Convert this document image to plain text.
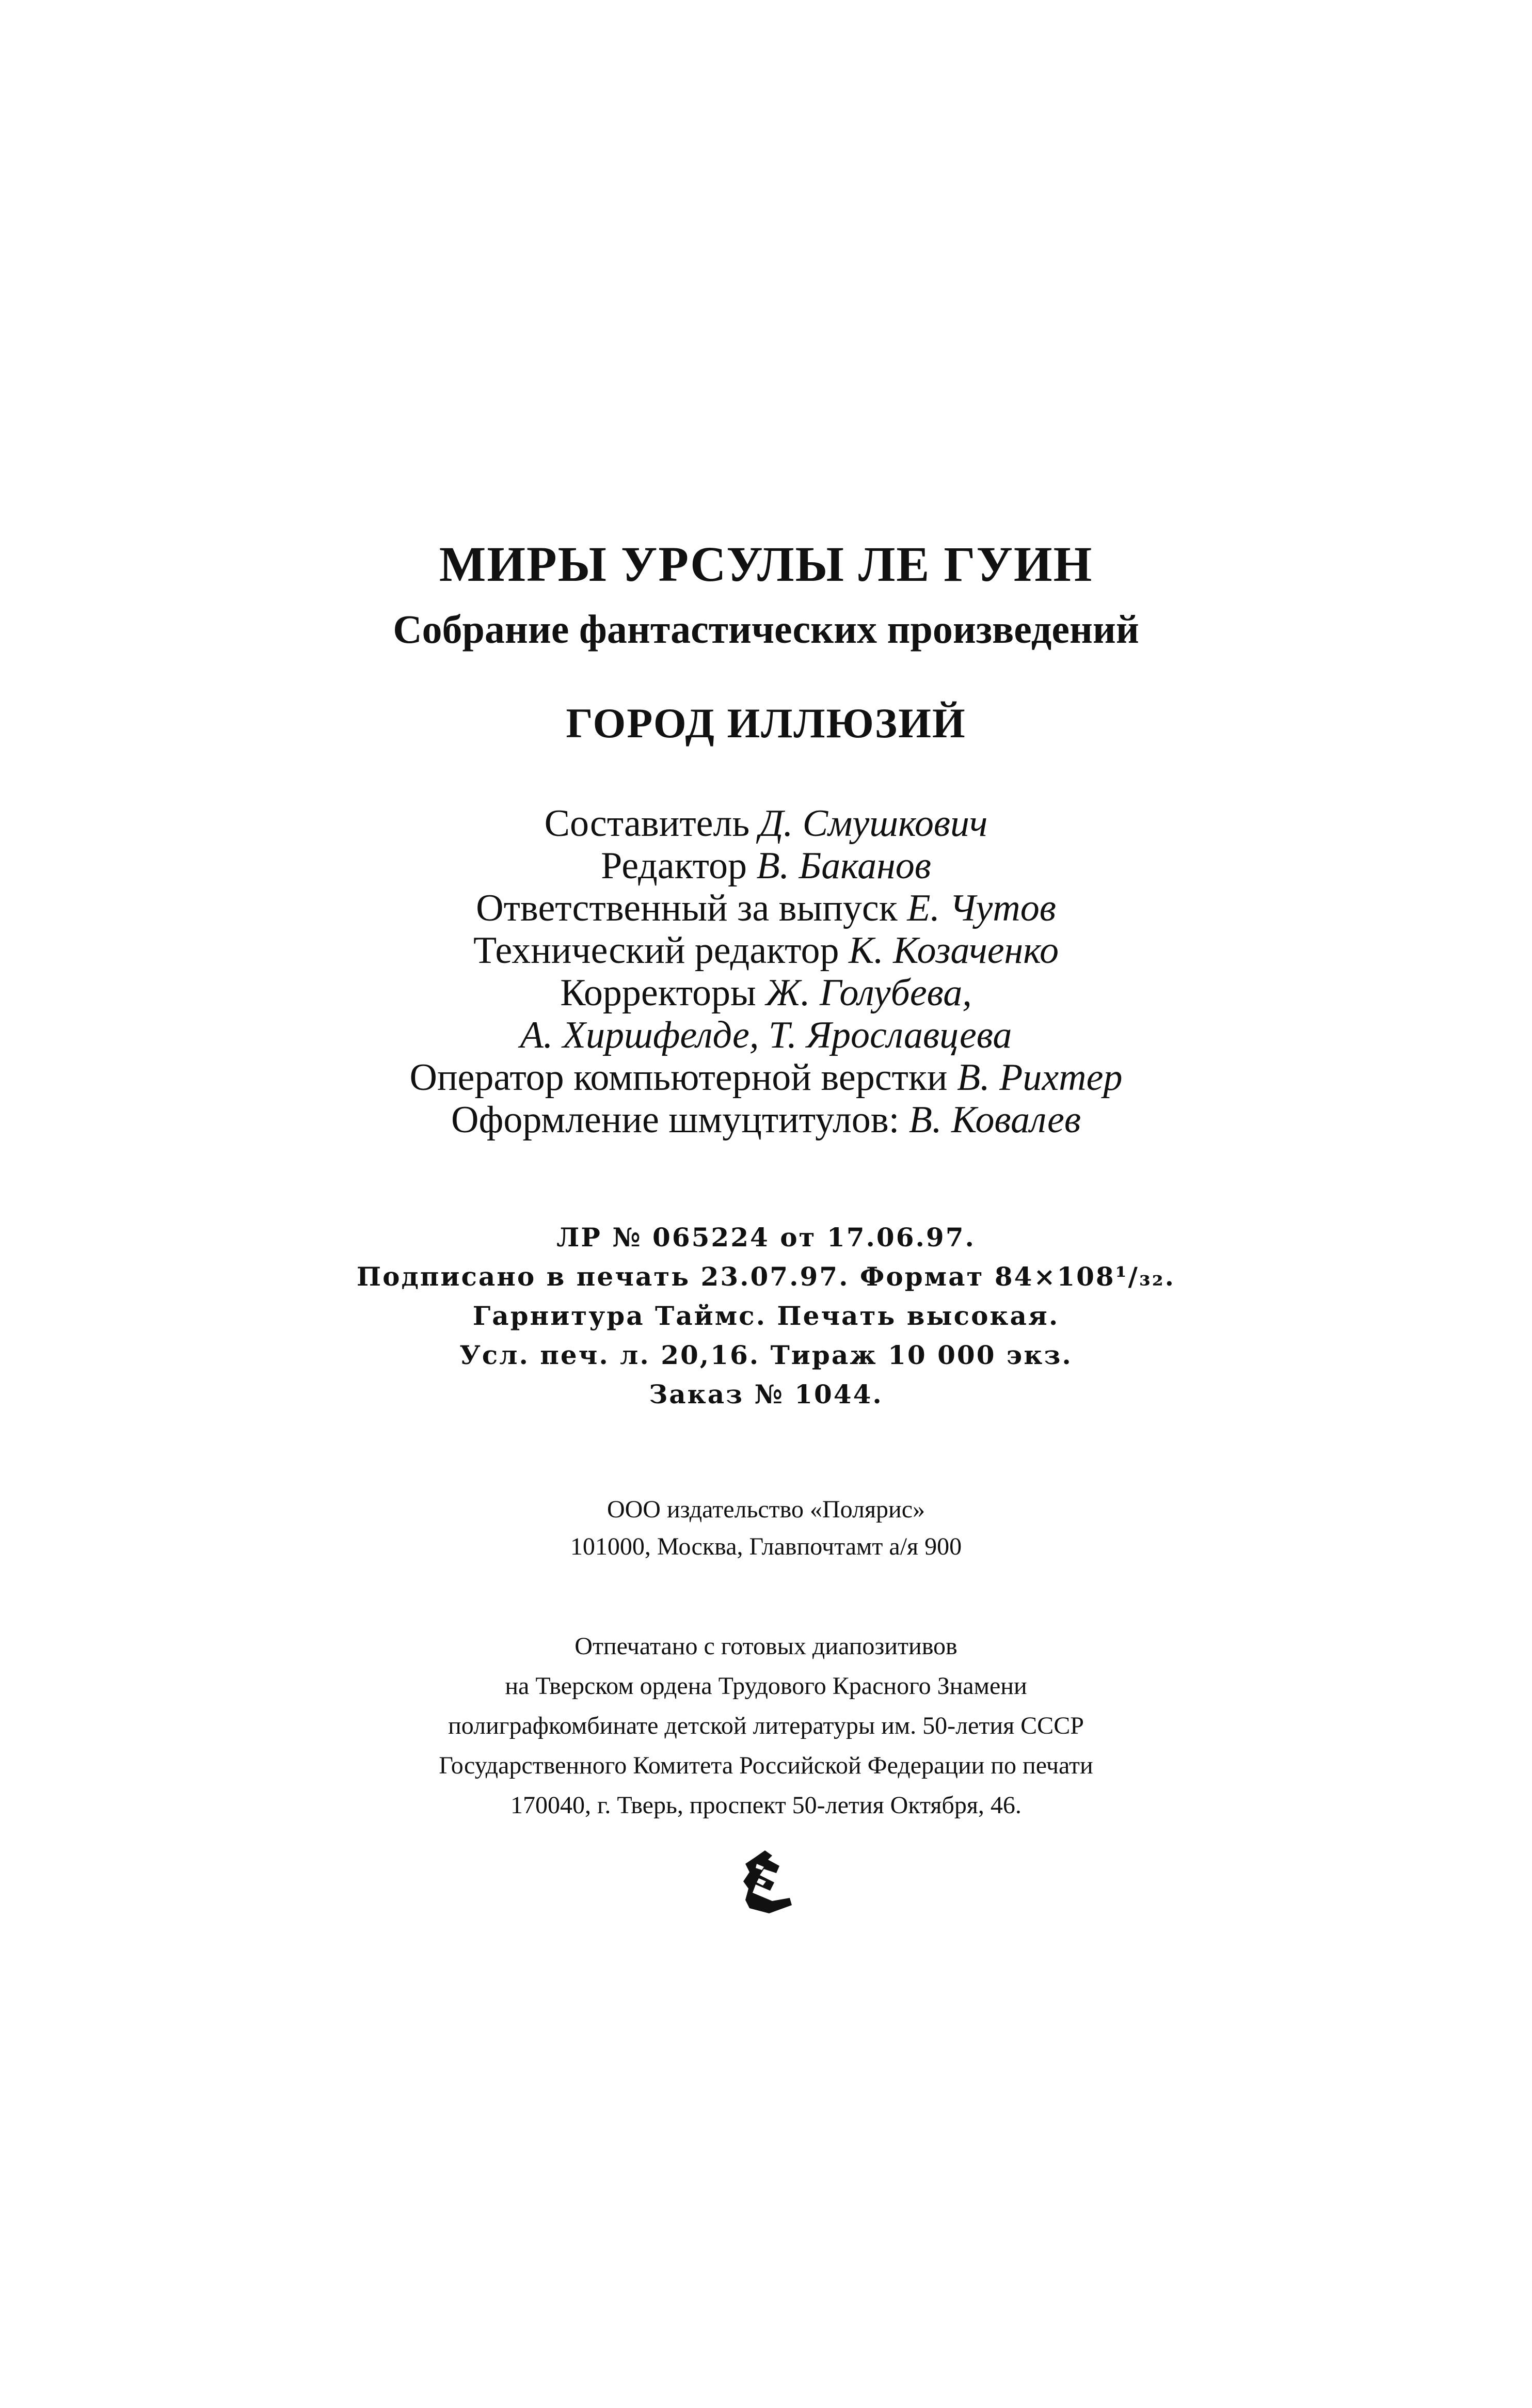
МИРЫ УРСУЛЫ ЛЕ ГУИН
Собрание фантастических произведений
ГОРОД ИЛЛЮЗИЙ
Составитель Д. Смушкович
Редактор В. Баканов
Ответственный за выпуск Е. Чутов
Технический редактор К. Козаченко
Корректоры Ж. Голубева,
А. Хиршфелде, Т. Ярославцева
Оператор компьютерной верстки В. Рихтер
Оформление шмуцтитулов: В. Ковалев
ЛР № 065224 от 17.06.97.
Подписано в печать 23.07.97. Формат 84×108¹/₃₂.
Гарнитура Таймс. Печать высокая.
Усл. печ. л. 20,16. Тираж 10 000 экз.
Заказ № 1044.
ООО издательство «Полярис»
101000, Москва, Главпочтамт а/я 900
Отпечатано с готовых диапозитивов
на Тверском ордена Трудового Красного Знамени
полиграфкомбинате детской литературы им. 50-летия СССР
Государственного Комитета Российской Федерации по печати
170040, г. Тверь, проспект 50-летия Октября, 46.
